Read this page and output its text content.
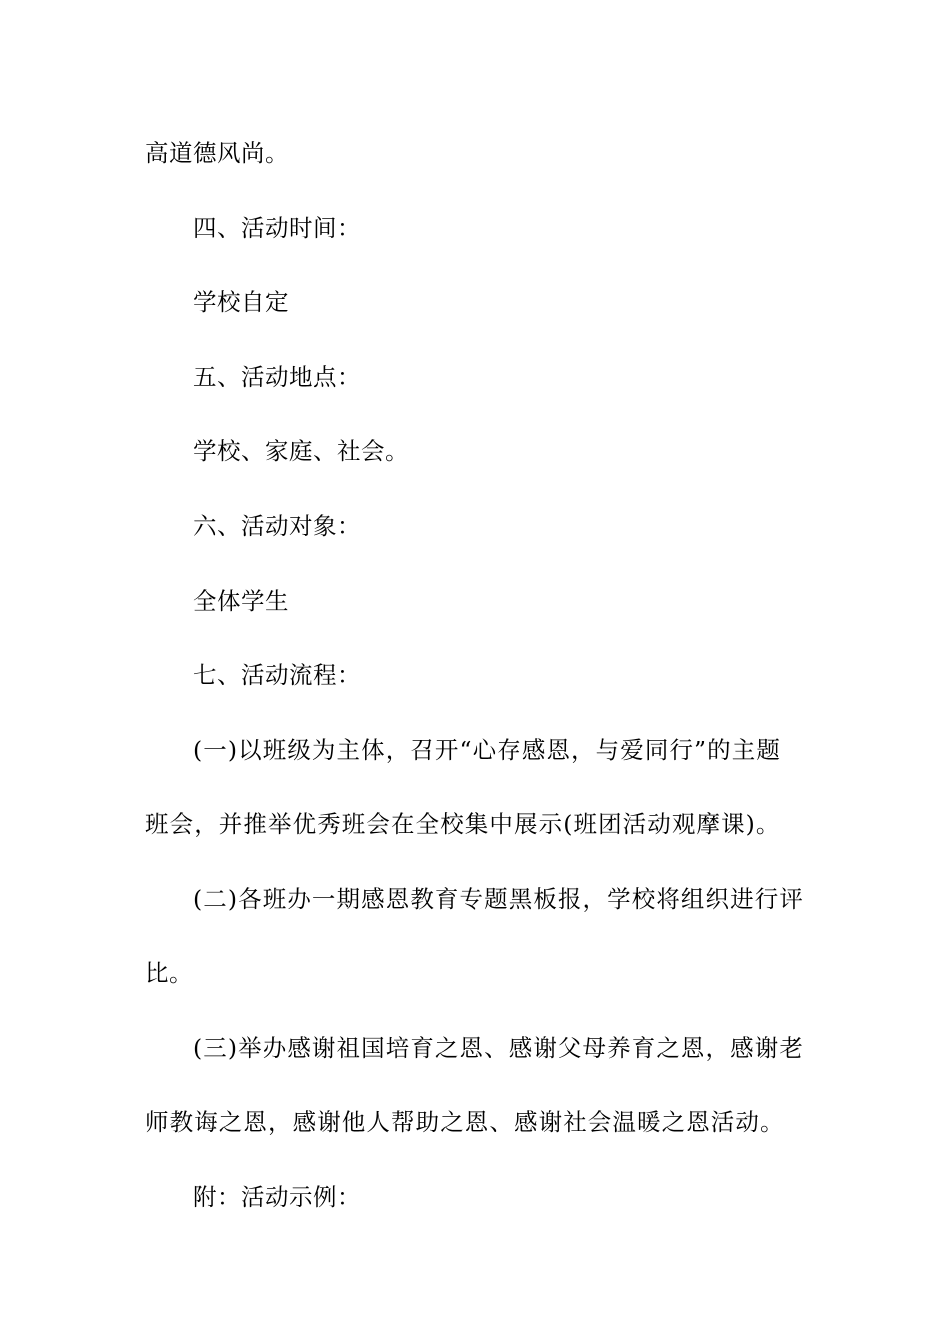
高道德风尚。
四、活动时间：
学校自定
五、活动地点：
学校、家庭、社会。
六、活动对象：
全体学生
七、活动流程：
(一)以班级为主体，召开“心存感恩，与爱同行”的主题
班会，并推举优秀班会在全校集中展示(班团活动观摩课)。
(二)各班办一期感恩教育专题黑板报，学校将组织进行评
比。
(三)举办感谢祖国培育之恩、感谢父母养育之恩，感谢老
师教诲之恩，感谢他人帮助之恩、感谢社会温暖之恩活动。
附：活动示例：
